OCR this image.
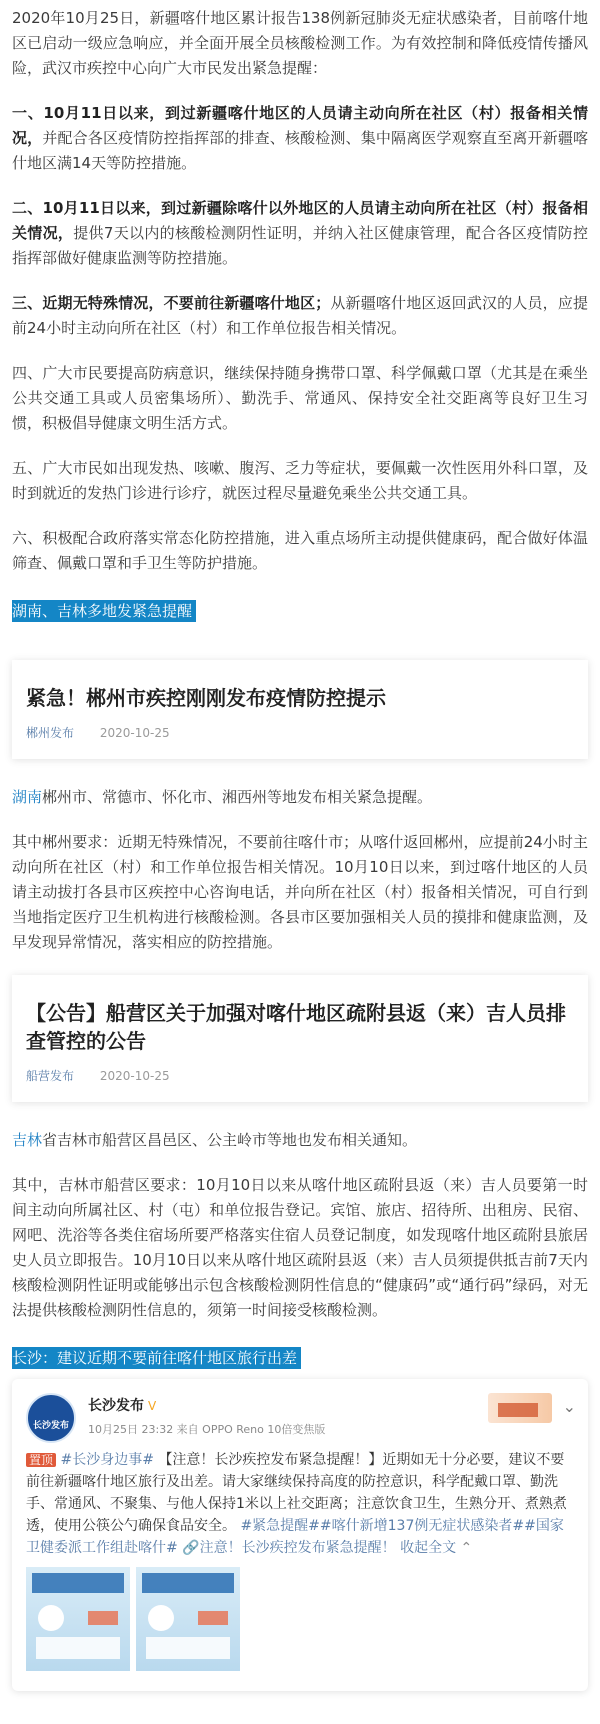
2020年10月25日，新疆喀什地区累计报告138例新冠肺炎无症状感染者，目前喀什地区已启动一级应急响应，并全面开展全员核酸检测工作。为有效控制和降低疫情传播风险，武汉市疾控中心向广大市民发出紧急提醒：

一、10月11日以来，到过新疆喀什地区的人员请主动向所在社区（村）报备相关情况，并配合各区疫情防控指挥部的排查、核酸检测、集中隔离医学观察直至离开新疆喀什地区满14天等防控措施。

二、10月11日以来，到过新疆除喀什以外地区的人员请主动向所在社区（村）报备相关情况，提供7天以内的核酸检测阴性证明，并纳入社区健康管理，配合各区疫情防控指挥部做好健康监测等防控措施。

三、近期无特殊情况，不要前往新疆喀什地区；从新疆喀什地区返回武汉的人员，应提前24小时主动向所在社区（村）和工作单位报告相关情况。

四、广大市民要提高防病意识，继续保持随身携带口罩、科学佩戴口罩（尤其是在乘坐公共交通工具或人员密集场所）、勤洗手、常通风、保持安全社交距离等良好卫生习惯，积极倡导健康文明生活方式。

五、广大市民如出现发热、咳嗽、腹泻、乏力等症状，要佩戴一次性医用外科口罩，及时到就近的发热门诊进行诊疗，就医过程尽量避免乘坐公共交通工具。

六、积极配合政府落实常态化防控措施，进入重点场所主动提供健康码，配合做好体温筛查、佩戴口罩和手卫生等防护措施。

湖南、吉林多地发紧急提醒
紧急！郴州市疾控刚刚发布疫情防控提示
郴州发布 2020-10-25

湖南郴州市、常德市、怀化市、湘西州等地发布相关紧急提醒。

其中郴州要求：近期无特殊情况，不要前往喀什市；从喀什返回郴州，应提前24小时主动向所在社区（村）和工作单位报告相关情况。10月10日以来，到过喀什地区的人员请主动拔打各县市区疾控中心咨询电话，并向所在社区（村）报备相关情况，可自行到当地指定医疗卫生机构进行核酸检测。各县市区要加强相关人员的摸排和健康监测，及早发现异常情况，落实相应的防控措施。

【公告】船营区关于加强对喀什地区疏附县返（来）吉人员排查管控的公告
船营发布 2020-10-25

吉林省吉林市船营区昌邑区、公主岭市等地也发布相关通知。

其中，吉林市船营区要求：10月10日以来从喀什地区疏附县返（来）吉人员要第一时间主动向所属社区、村（屯）和单位报告登记。宾馆、旅店、招待所、出租房、民宿、网吧、洗浴等各类住宿场所要严格落实住宿人员登记制度，如发现喀什地区疏附县旅居史人员立即报告。10月10日以来从喀什地区疏附县返（来）吉人员须提供抵吉前7天内核酸检测阴性证明或能够出示包含核酸检测阴性信息的“健康码”或“通行码”绿码，对无法提供核酸检测阴性信息的，须第一时间接受核酸检测。

长沙：建议近期不要前往喀什地区旅行出差
长沙发布
长沙发布 V
10月25日 23:32 来自 OPPO Reno 10倍变焦版
⌄
置顶 #长沙身边事# 【注意！长沙疾控发布紧急提醒！】近期如无十分必要，建议不要前往新疆喀什地区旅行及出差。请大家继续保持高度的防控意识，科学配戴口罩、勤洗手、常通风、不聚集、与他人保持1米以上社交距离；注意饮食卫生，生熟分开、煮熟煮透，使用公筷公勺确保食品安全。 #紧急提醒##喀什新增137例无症状感染者##国家卫健委派工作组赴喀什# 🔗注意！长沙疾控发布紧急提醒！ 收起全文 ⌃
